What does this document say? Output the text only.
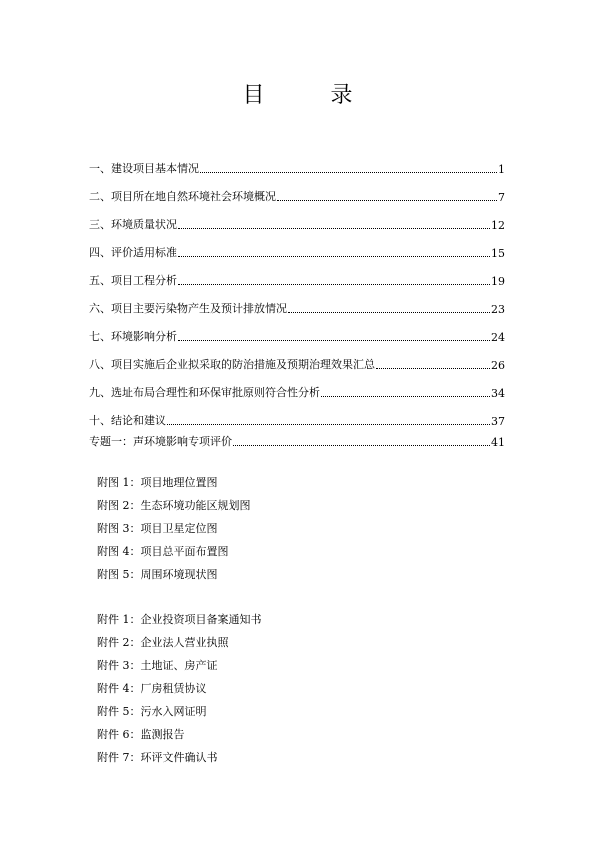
目　录
一、建设项目基本情况	1
二、项目所在地自然环境社会环境概况	7
三、环境质量状况	12
四、评价适用标准	15
五、项目工程分析	19
六、项目主要污染物产生及预计排放情况	23
七、环境影响分析	24
八、项目实施后企业拟采取的防治措施及预期治理效果汇总	26
九、选址布局合理性和环保审批原则符合性分析	34
十、结论和建议	37
专题一：声环境影响专项评价	41
附图 1：项目地理位置图
附图 2：生态环境功能区规划图
附图 3：项目卫星定位图
附图 4：项目总平面布置图
附图 5：周围环境现状图
附件 1：企业投资项目备案通知书
附件 2：企业法人营业执照
附件 3：土地证、房产证
附件 4：厂房租赁协议
附件 5：污水入网证明
附件 6：监测报告
附件 7：环评文件确认书
